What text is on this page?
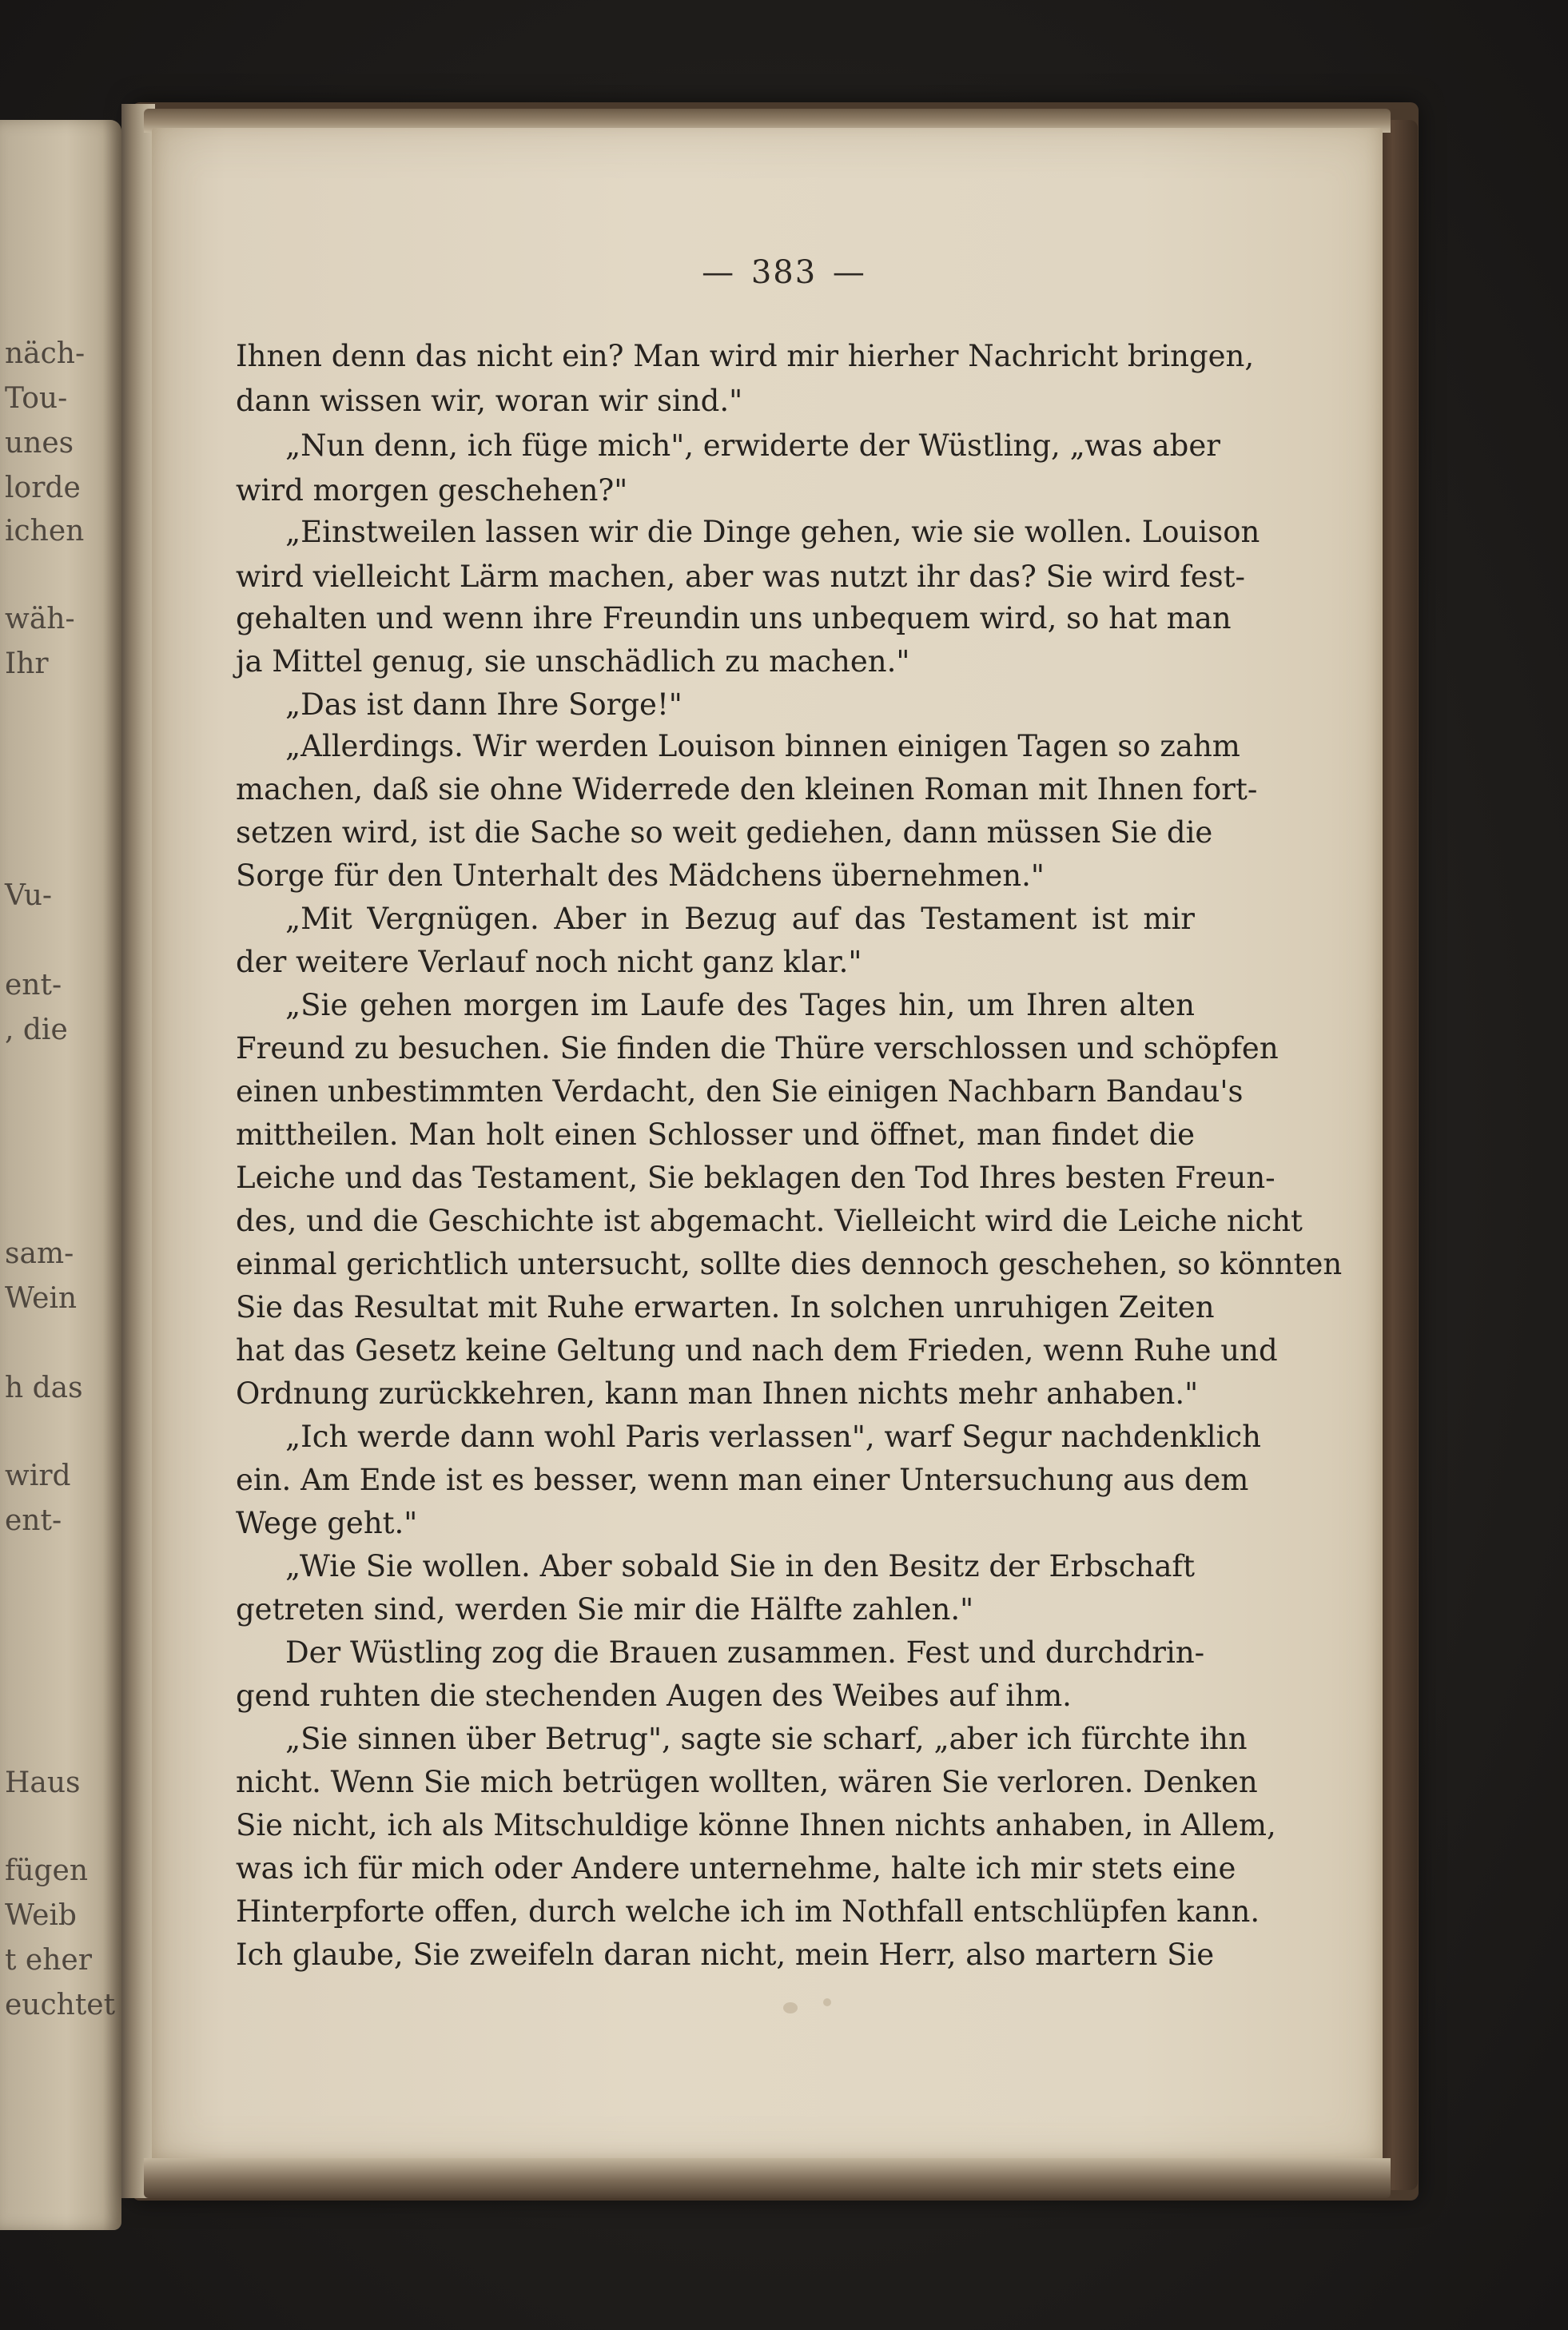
näch-
Tou-
unes
lorde
ichen
wäh-
Ihr
Vu-
ent-
, die
sam-
Wein
h das
wird
ent-
Haus
fügen
Weib
t eher
euchtet
— 383 —
Ihnen denn das nicht ein? Man wird mir hierher Nachricht bringen,
dann wissen wir, woran wir sind."
„Nun denn, ich füge mich", erwiderte der Wüstling, „was aber
wird morgen geschehen?"
„Einstweilen lassen wir die Dinge gehen, wie sie wollen. Louison
wird vielleicht Lärm machen, aber was nutzt ihr das? Sie wird fest-
gehalten und wenn ihre Freundin uns unbequem wird, so hat man
ja Mittel genug, sie unschädlich zu machen."
„Das ist dann Ihre Sorge!"
„Allerdings. Wir werden Louison binnen einigen Tagen so zahm
machen, daß sie ohne Widerrede den kleinen Roman mit Ihnen fort-
setzen wird, ist die Sache so weit gediehen, dann müssen Sie die
Sorge für den Unterhalt des Mädchens übernehmen."
„Mit Vergnügen. Aber in Bezug auf das Testament ist mir
der weitere Verlauf noch nicht ganz klar."
„Sie gehen morgen im Laufe des Tages hin, um Ihren alten
Freund zu besuchen. Sie finden die Thüre verschlossen und schöpfen
einen unbestimmten Verdacht, den Sie einigen Nachbarn Bandau's
mittheilen. Man holt einen Schlosser und öffnet, man findet die
Leiche und das Testament, Sie beklagen den Tod Ihres besten Freun-
des, und die Geschichte ist abgemacht. Vielleicht wird die Leiche nicht
einmal gerichtlich untersucht, sollte dies dennoch geschehen, so könnten
Sie das Resultat mit Ruhe erwarten. In solchen unruhigen Zeiten
hat das Gesetz keine Geltung und nach dem Frieden, wenn Ruhe und
Ordnung zurückkehren, kann man Ihnen nichts mehr anhaben."
„Ich werde dann wohl Paris verlassen", warf Segur nachdenklich
ein. Am Ende ist es besser, wenn man einer Untersuchung aus dem
Wege geht."
„Wie Sie wollen. Aber sobald Sie in den Besitz der Erbschaft
getreten sind, werden Sie mir die Hälfte zahlen."
Der Wüstling zog die Brauen zusammen. Fest und durchdrin-
gend ruhten die stechenden Augen des Weibes auf ihm.
„Sie sinnen über Betrug", sagte sie scharf, „aber ich fürchte ihn
nicht. Wenn Sie mich betrügen wollten, wären Sie verloren. Denken
Sie nicht, ich als Mitschuldige könne Ihnen nichts anhaben, in Allem,
was ich für mich oder Andere unternehme, halte ich mir stets eine
Hinterpforte offen, durch welche ich im Nothfall entschlüpfen kann.
Ich glaube, Sie zweifeln daran nicht, mein Herr, also martern Sie
